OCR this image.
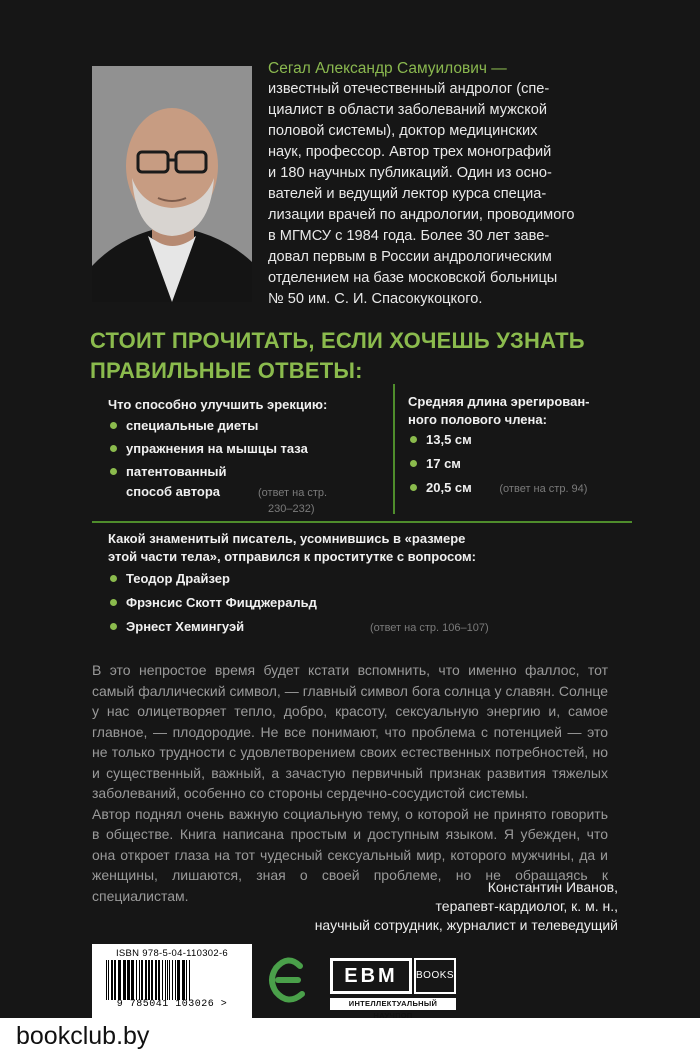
Сегал Александр Самуилович —
известный отечественный андролог (спе-
циалист в области заболеваний мужской
половой системы), доктор медицинских
наук, профессор. Автор трех монографий
и 180 научных публикаций. Один из осно-
вателей и ведущий лектор курса специа-
лизации врачей по андрологии, проводимого
в МГМСУ с 1984 года. Более 30 лет заве-
довал первым в России андрологическим
отделением на базе московской больницы
№ 50 им. С. И. Спасокукоцкого.
СТОИТ ПРОЧИТАТЬ, ЕСЛИ ХОЧЕШЬ УЗНАТЬ
ПРАВИЛЬНЫЕ ОТВЕТЫ:
Что способно улучшить эрекцию:
специальные диеты
упражнения на мышцы таза
патентованный
способ автора	(ответ на стр.
230–232)
Средняя длина эрегирован-
ного полового члена:
13,5 см
17 см
20,5 см	(ответ на стр. 94)
Какой знаменитый писатель, усомнившись в «размере
этой части тела», отправился к проститутке с вопросом:
Теодор Драйзер
Фрэнсис Скотт Фицджеральд
Эрнест Хемингуэй	(ответ на стр. 106–107)

В это непростое время будет кстати вспомнить, что именно фаллос, тот самый фаллический символ, — главный символ бога солнца у славян. Солнце у нас олицетворяет тепло, добро, красоту, сексуальную энергию и, самое главное, — плодородие. Не все понимают, что проблема с потенцией — это не только трудности с удовлетворением своих естественных потребностей, но и существенный, важный, а зачастую первичный признак развития тяжелых заболеваний, особенно со стороны сердечно-сосудистой системы.

Автор поднял очень важную социальную тему, о которой не принято говорить в обществе. Книга написана простым и доступным языком. Я убежден, что она откроет глаза на тот чудесный сексуальный мир, которого мужчины, да и женщины, лишаются, зная о своей проблеме, но не обращаясь к специалистам.

Константин Иванов,
терапевт-кардиолог, к. м. н.,
научный сотрудник, журналист и телеведущий
ISBN 978-5-04-110302-6
9 785041 103026 >
EBM	BOOKS
ИНТЕЛЛЕКТУАЛЬНЫЙ НАУЧПОП
bookclub.by
